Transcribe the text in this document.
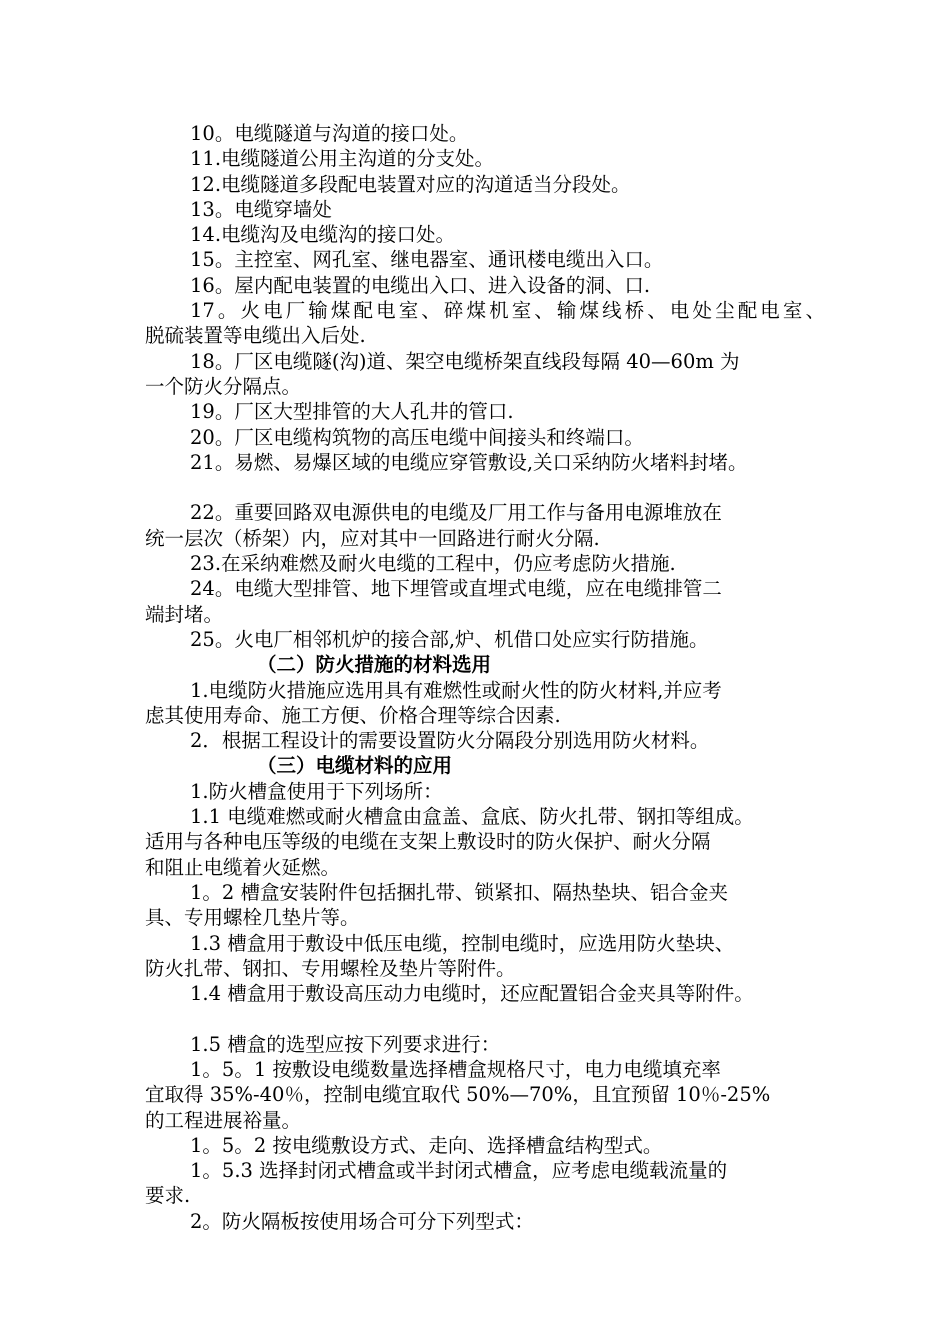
10。电缆隧道与沟道的接口处。
11.电缆隧道公用主沟道的分支处。
12.电缆隧道多段配电装置对应的沟道适当分段处。
13。电缆穿墙处
14.电缆沟及电缆沟的接口处。
15。主控室、网孔室、继电器室、通讯楼电缆出入口。
16。屋内配电装置的电缆出入口、进入设备的洞、口.
17。火电厂输煤配电室、碎煤机室、输煤线桥、电处尘配电室、
脱硫装置等电缆出入后处.
18。厂区电缆隧(沟)道、架空电缆桥架直线段每隔 40—60m 为
一个防火分隔点。
19。厂区大型排管的大人孔井的管口.
20。厂区电缆构筑物的高压电缆中间接头和终端口。
21。易燃、易爆区域的电缆应穿管敷设,关口采纳防火堵料封堵。
22。重要回路双电源供电的电缆及厂用工作与备用电源堆放在
统一层次（桥架）内，应对其中一回路进行耐火分隔.
23.在采纳难燃及耐火电缆的工程中，仍应考虑防火措施.
24。电缆大型排管、地下埋管或直埋式电缆，应在电缆排管二
端封堵。
25。火电厂相邻机炉的接合部,炉、机借口处应实行防措施。
（二）防火措施的材料选用
1.电缆防火措施应选用具有难燃性或耐火性的防火材料,并应考
虑其使用寿命、施工方便、价格合理等综合因素.
2．根据工程设计的需要设置防火分隔段分别选用防火材料。
（三）电缆材料的应用
1.防火槽盒使用于下列场所：
1.1 电缆难燃或耐火槽盒由盒盖、盒底、防火扎带、钢扣等组成。
适用与各种电压等级的电缆在支架上敷设时的防火保护、耐火分隔
和阻止电缆着火延燃。
1。2 槽盒安装附件包括捆扎带、锁紧扣、隔热垫块、铝合金夹
具、专用螺栓几垫片等。
1.3 槽盒用于敷设中低压电缆，控制电缆时，应选用防火垫块、
防火扎带、钢扣、专用螺栓及垫片等附件。
1.4 槽盒用于敷设高压动力电缆时，还应配置铝合金夹具等附件。
1.5 槽盒的选型应按下列要求进行：
1。5。1 按敷设电缆数量选择槽盒规格尺寸，电力电缆填充率
宜取得 35%-40％，控制电缆宜取代 50%—70%，且宜预留 10％-25%
的工程进展裕量。
1。5。2 按电缆敷设方式、走向、选择槽盒结构型式。
1。5.3 选择封闭式槽盒或半封闭式槽盒，应考虑电缆载流量的
要求.
2。防火隔板按使用场合可分下列型式：
